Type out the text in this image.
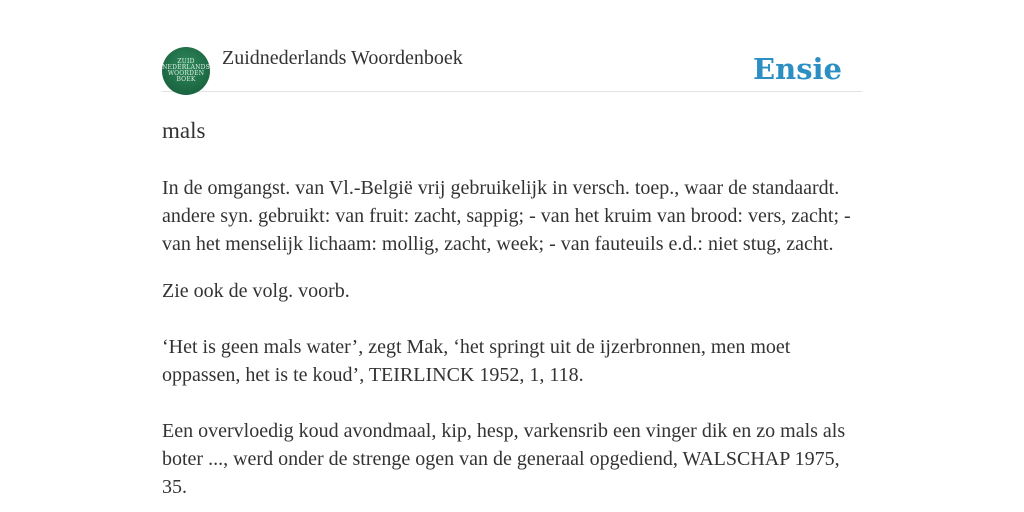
ZUID
NEDERLANDS
WOORDEN
BOEK
Zuidnederlands Woordenboek	Ensie
mals

In de omgangst. van Vl.-België vrij gebruikelijk in versch. toep., waar de standaardt. andere syn. gebruikt: van fruit: zacht, sappig; - van het kruim van brood: vers, zacht; - van het menselijk lichaam: mollig, zacht, week; - van fauteuils e.d.: niet stug, zacht.

Zie ook de volg. voorb.

‘Het is geen mals water’, zegt Mak, ‘het springt uit de ijzerbronnen, men moet oppassen, het is te koud’, TEIRLINCK 1952, 1, 118.

Een overvloedig koud avondmaal, kip, hesp, varkensrib een vinger dik en zo mals als boter ..., werd onder de strenge ogen van de generaal opgediend, WALSCHAP 1975, 35.
